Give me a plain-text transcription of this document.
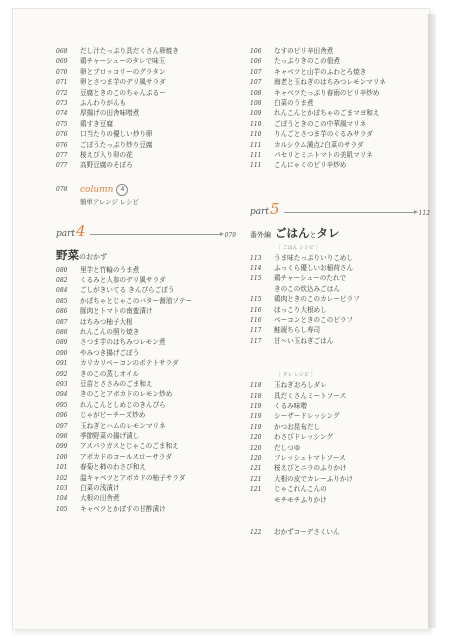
068	だし汁たっぷり具だくさん卵焼き
069	鶏チャーシューのタレで味玉
070	卵とブロッコリーのグラタン
071	卵とさつま芋のデリ風サラダ
072	豆腐ときのこのちゃんぷるー
073	ふんわりがんも
074	厚揚げの田舎味噌煮
075	鶏すき豆腐
076	口当たりの優しい炒り卵
076	ごぼうたっぷり炒り豆腐
077	桜えび入り卯の花
077	高野豆腐のそぼろ
078	column	4
簡単アレンジ レシピ
part 4	079
野菜のおかず
080	里芋と竹輪のうま煮
082	くるみと人参のデリ風サラダ
084	ごしがきいてる きんぴらごぼう
085	かぼちゃとじゃこのバター醤油ソテー
086	豚肉とトマトの南蛮漬け
087	はちみつ柚子大根
088	れんこんの照り焼き
089	さつま芋のはちみつレモン煮
090	やみつき揚げごぼう
091	カリカリベーコンのポテトサラダ
092	きのこの蒸しオイル
093	豆苗とささみのごま和え
094	きのことアボカドのレモン炒め
095	れんこんとしめじのきんぴら
096	じゃがピーチーズ炒め
097	玉ねぎとハムのレモンマリネ
098	季節野菜の揚げ漬し
099	アスパラガスとじゃこのごま和え
100	アボカドのコールスローサラダ
101	春菊と柿のわさび和え
102	温キャベツとアボカドの柚子サラダ
103	白菜の浅漬け
104	大根の田舎煮
105	キャベツとかぼすの甘酢漬け
106	なすのピリ辛田舎煮
106	たっぷりきのこの佃煮
107	キャベツと山芋のふわとろ焼き
107	海老と玉ねぎのはちみつレモンマリネ
108	キャベツたっぷり春雨のピリ辛炒め
108	白菜のうま煮
109	れんこんとかぼちゃのごまマヨ和え
110	ごぼうときのこの中華風マリネ
110	りんごとさつま芋のくるみサラダ
111	カルシウム満点♪白菜のサラダ
111	パセリとミニトマトの美肌マリネ
111	こんにゃくのピリ辛炒め
part 5	112
番外編 ごはんとタレ
［ ごはん レシピ ］
113	うま味たっぷりいりこめし
114	ふっくら優しいお稲荷さん
115	鶏チャーシューのたれで
きのこの炊込みごはん
115	鶏肉ときのこのカレーピラフ
116	ほっこり大根めし
116	ベーコンときのこのピラフ
117	鮭琥ちらし寿司
117	甘～い玉ねぎごはん
［ タレ レシピ ］
118	玉ねぎおろしダレ
118	具だくさんミートソース
119	くるみ味噌
119	シーザードレッシング
119	かつお昆布だし
120	わさびドレッシング
120	だしつゆ
120	フレッシュトマトソース
121	桜えびとニラのふりかけ
121	大根の皮でカレーふりかけ
121	じゃこれんこんの
モチモチふりかけ
122	おかずコーデさくいん
